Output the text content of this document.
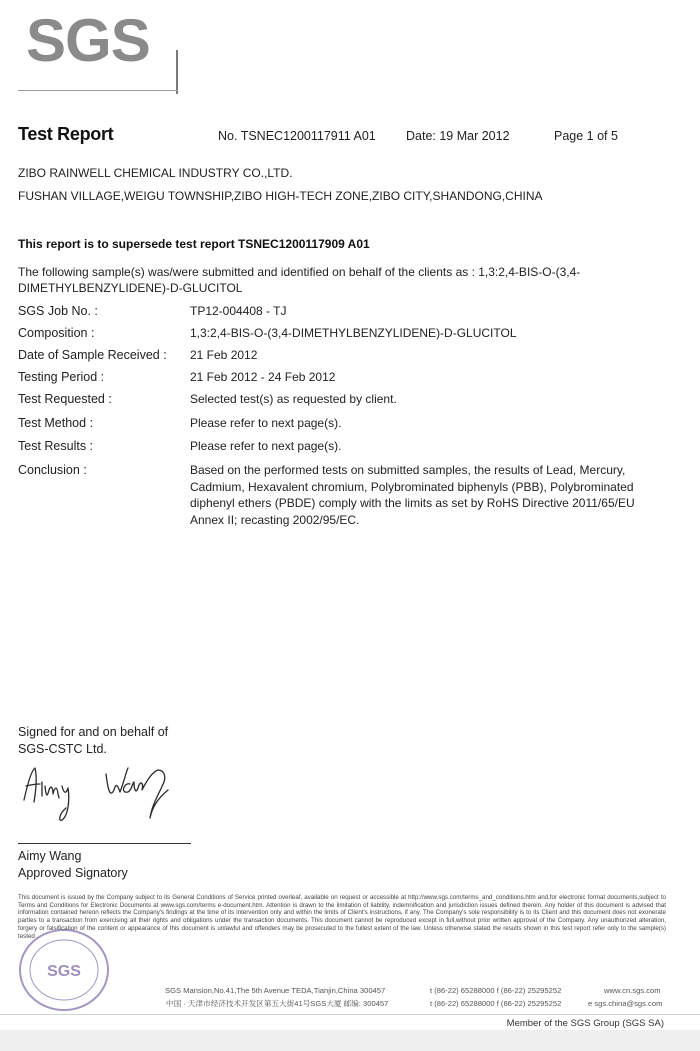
SGS
Test Report	No. TSNEC1200117911 A01 Date: 19 Mar 2012	Page 1 of 5
ZIBO RAINWELL CHEMICAL INDUSTRY CO.,LTD.
FUSHAN VILLAGE,WEIGU TOWNSHIP,ZIBO HIGH-TECH ZONE,ZIBO CITY,SHANDONG,CHINA
This report is to supersede test report TSNEC1200117909 A01
The following sample(s) was/were submitted and identified on behalf of the clients as : 1,3:2,4-BIS-O-(3,4-DIMETHYLBENZYLIDENE)-D-GLUCITOL
SGS Job No. :	TP12-004408 - TJ
Composition :	1,3:2,4-BIS-O-(3,4-DIMETHYLBENZYLIDENE)-D-GLUCITOL
Date of Sample Received : 21 Feb 2012
Testing Period :	21 Feb 2012 - 24 Feb 2012
Test Requested :	Selected test(s) as requested by client.
Test Method :	Please refer to next page(s).
Test Results :	Please refer to next page(s).
Conclusion :	Based on the performed tests on submitted samples, the results of Lead, Mercury, Cadmium, Hexavalent chromium, Polybrominated biphenyls (PBB), Polybrominated diphenyl ethers (PBDE) comply with the limits as set by RoHS Directive 2011/65/EU Annex II; recasting 2002/95/EC.
Signed for and on behalf of
SGS-CSTC Ltd.
Aimy Wang
Approved Signatory
This document is issued by the Company subject to its General Conditions of Service printed overleaf, available on request or accessible at http://www.sgs.com/terms_and_conditions.htm and,for electronic format documents,subject to Terms and Conditions for Electronic Documents at www.sgs.com/terms e-document.htm. Attention is drawn to the limitation of liability, indemnification and jurisdiction issues defined therein. Any holder of this document is advised that information contained hereon reflects the Company's findings at the time of its intervention only and within the limits of Client's instructions, if any. The Company's sole responsibility is to its Client and this document does not exonerate parties to a transaction from exercising all their rights and obligations under the transaction documents. This document cannot be reproduced except in full,without prior written approval of the Company. Any unauthorized alteration, forgery or falsification of the content or appearance of this document is unlawful and offenders may be prosecuted to the fullest extent of the law. Unless otherwise stated the results shown in this test report refer only to the sample(s) tested .
SGS
SGS Mansion,No.41,The 5th Avenue TEDA,Tianjin,China 300457
中国 · 天津市经济技术开发区第五大街41号SGS大厦 邮编: 300457
t (86-22) 65288000 f (86-22) 25295252
t (86-22) 65288000 f (86-22) 25295252
www.cn.sgs.com
e sgs.china@sgs.com
Member of the SGS Group (SGS SA)
